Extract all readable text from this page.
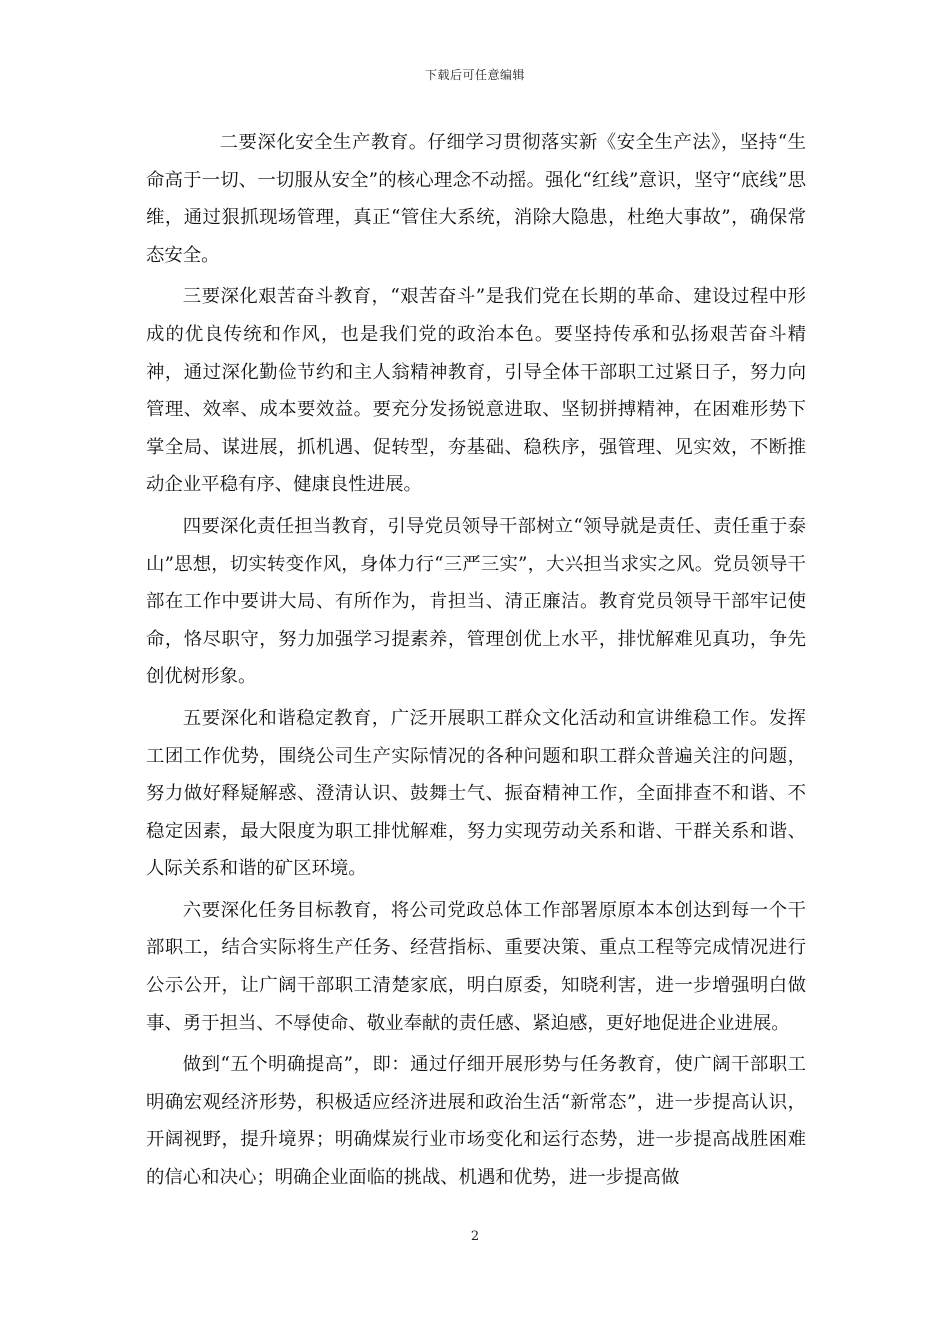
下载后可任意编辑

二要深化安全生产教育。仔细学习贯彻落实新《安全生产法》，坚持“生命高于一切、一切服从安全”的核心理念不动摇。强化“红线”意识，坚守“底线”思维，通过狠抓现场管理，真正“管住大系统，消除大隐患，杜绝大事故”，确保常态安全。

三要深化艰苦奋斗教育，“艰苦奋斗”是我们党在长期的革命、建设过程中形成的优良传统和作风，也是我们党的政治本色。要坚持传承和弘扬艰苦奋斗精神，通过深化勤俭节约和主人翁精神教育，引导全体干部职工过紧日子，努力向管理、效率、成本要效益。要充分发扬锐意进取、坚韧拼搏精神，在困难形势下掌全局、谋进展，抓机遇、促转型，夯基础、稳秩序，强管理、见实效，不断推动企业平稳有序、健康良性进展。

四要深化责任担当教育，引导党员领导干部树立“领导就是责任、责任重于泰山”思想，切实转变作风，身体力行“三严三实”，大兴担当求实之风。党员领导干部在工作中要讲大局、有所作为，肯担当、清正廉洁。教育党员领导干部牢记使命，恪尽职守，努力加强学习提素养，管理创优上水平，排忧解难见真功，争先创优树形象。

五要深化和谐稳定教育，广泛开展职工群众文化活动和宣讲维稳工作。发挥工团工作优势，围绕公司生产实际情况的各种问题和职工群众普遍关注的问题，努力做好释疑解惑、澄清认识、鼓舞士气、振奋精神工作，全面排查不和谐、不稳定因素，最大限度为职工排忧解难，努力实现劳动关系和谐、干群关系和谐、人际关系和谐的矿区环境。

六要深化任务目标教育，将公司党政总体工作部署原原本本创达到每一个干部职工，结合实际将生产任务、经营指标、重要决策、重点工程等完成情况进行公示公开，让广阔干部职工清楚家底，明白原委，知晓利害，进一步增强明白做事、勇于担当、不辱使命、敬业奉献的责任感、紧迫感，更好地促进企业进展。

做到“五个明确提高”，即：通过仔细开展形势与任务教育，使广阔干部职工明确宏观经济形势，积极适应经济进展和政治生活“新常态”，进一步提高认识，开阔视野，提升境界；明确煤炭行业市场变化和运行态势，进一步提高战胜困难的信心和决心；明确企业面临的挑战、机遇和优势，进一步提高做

2
